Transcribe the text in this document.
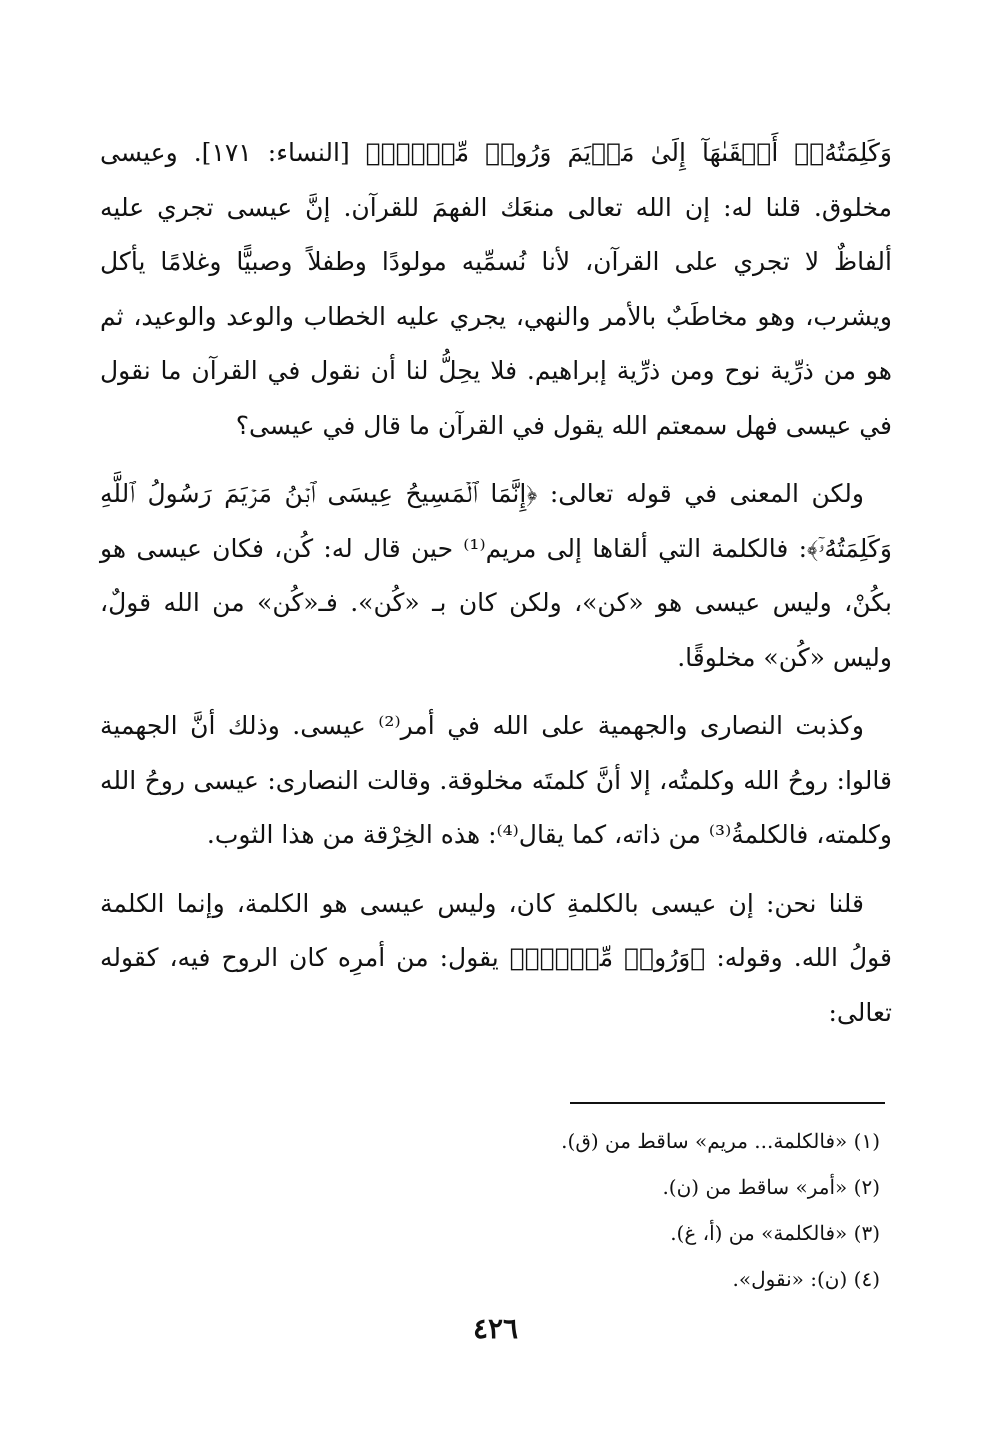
وَكَلِمَتُهُۥٓ أَلۡقَىٰهَآ إِلَىٰ مَرۡيَمَ وَرُوحٞ مِّنۡهُۖ﴾ [النساء: ١٧١]. وعيسى مخلوق. قلنا له: إن الله تعالى منعَك الفهمَ للقرآن. إنَّ عيسى تجري عليه ألفاظٌ لا تجري على القرآن، لأنا نُسمِّيه مولودًا وطفلاً وصبيًّا وغلامًا يأكل ويشرب، وهو مخاطَبٌ بالأمر والنهي، يجري عليه الخطاب والوعد والوعيد، ثم هو من ذرِّية نوح ومن ذرِّية إبراهيم. فلا يحِلُّ لنا أن نقول في القرآن ما نقول في عيسى فهل سمعتم الله يقول في القرآن ما قال في عيسى؟

ولكن المعنى في قوله تعالى: ﴿إِنَّمَا ٱلۡمَسِيحُ عِيسَى ٱبۡنُ مَرۡيَمَ رَسُولُ ٱللَّهِ وَكَلِمَتُهُۥٓ﴾: فالكلمة التي ألقاها إلى مريم⁽¹⁾ حين قال له: كُن، فكان عيسى هو بكُنْ، وليس عيسى هو «كن»، ولكن كان بـ «كُن». فـ«كُن» من الله قولٌ، وليس «كُن» مخلوقًا.

وكذبت النصارى والجهمية على الله في أمر⁽²⁾ عيسى. وذلك أنَّ الجهمية قالوا: روحُ الله وكلمتُه، إلا أنَّ كلمتَه مخلوقة. وقالت النصارى: عيسى روحُ الله وكلمته، فالكلمةُ⁽³⁾ من ذاته، كما يقال⁽⁴⁾: هذه الخِرْقة من هذا الثوب.

قلنا نحن: إن عيسى بالكلمةِ كان، وليس عيسى هو الكلمة، وإنما الكلمة قولُ الله. وقوله: ﴿وَرُوحٞ مِّنۡهُۖ﴾ يقول: من أمرِه كان الروح فيه، كقوله تعالى:

(١) «فالكلمة... مريم» ساقط من (ق).

(٢) «أمر» ساقط من (ن).

(٣) «فالكلمة» من (أ، غ).

(٤) (ن): «نقول».

٤٢٦
